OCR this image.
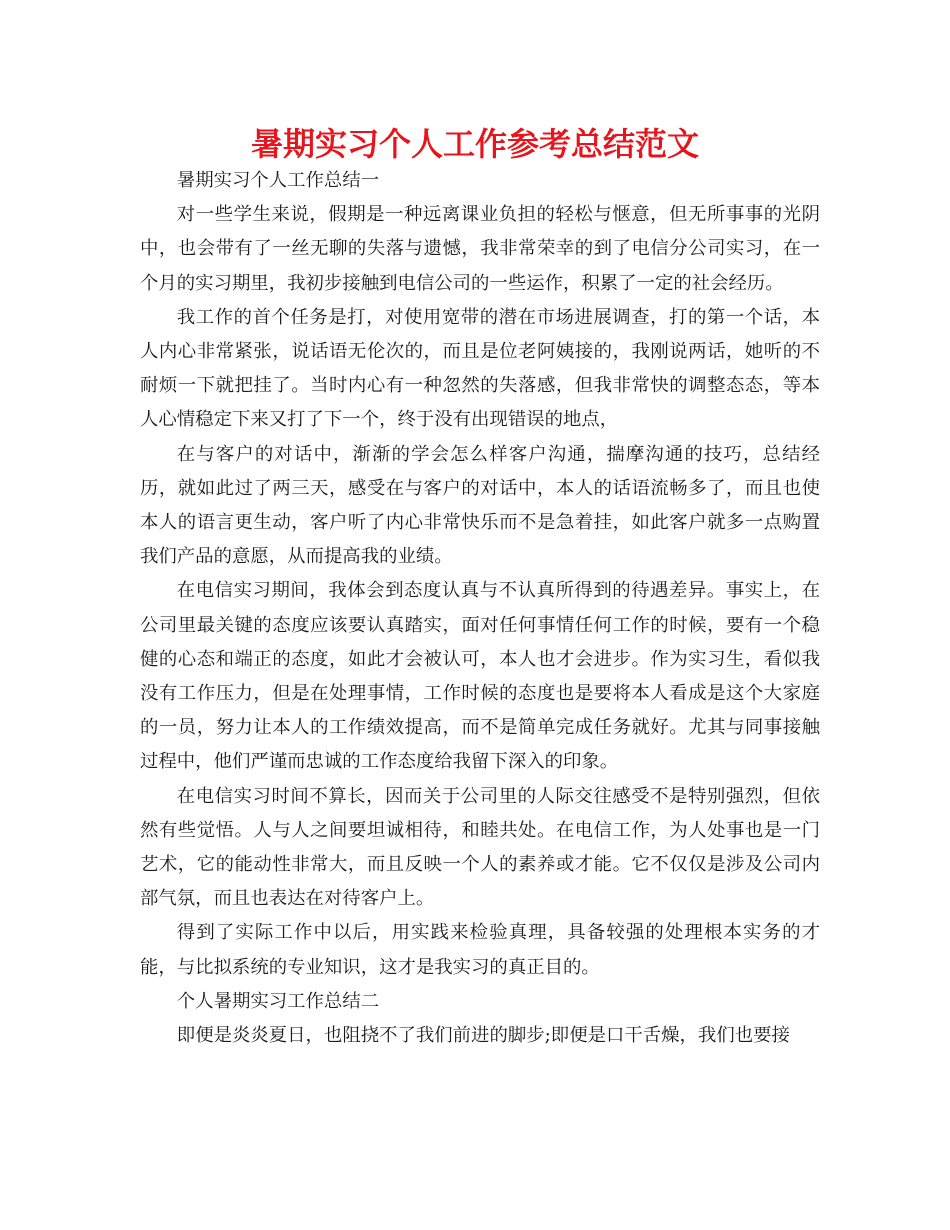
暑期实习个人工作参考总结范文

暑期实习个人工作总结一

对一些学生来说，假期是一种远离课业负担的轻松与惬意，但无所事事的光阴中，也会带有了一丝无聊的失落与遗憾，我非常荣幸的到了电信分公司实习，在一个月的实习期里，我初步接触到电信公司的一些运作，积累了一定的社会经历。

我工作的首个任务是打，对使用宽带的潜在市场进展调查，打的第一个话，本人内心非常紧张，说话语无伦次的，而且是位老阿姨接的，我刚说两话，她听的不耐烦一下就把挂了。当时内心有一种忽然的失落感，但我非常快的调整态态，等本人心情稳定下来又打了下一个，终于没有出现错误的地点，

在与客户的对话中，渐渐的学会怎么样客户沟通，揣摩沟通的技巧，总结经历，就如此过了两三天，感受在与客户的对话中，本人的话语流畅多了，而且也使本人的语言更生动，客户听了内心非常快乐而不是急着挂，如此客户就多一点购置我们产品的意愿，从而提高我的业绩。

在电信实习期间，我体会到态度认真与不认真所得到的待遇差异。事实上，在公司里最关键的态度应该要认真踏实，面对任何事情任何工作的时候，要有一个稳健的心态和端正的态度，如此才会被认可，本人也才会进步。作为实习生，看似我没有工作压力，但是在处理事情，工作时候的态度也是要将本人看成是这个大家庭的一员，努力让本人的工作绩效提高，而不是简单完成任务就好。尤其与同事接触过程中，他们严谨而忠诚的工作态度给我留下深入的印象。

在电信实习时间不算长，因而关于公司里的人际交往感受不是特别强烈，但依然有些觉悟。人与人之间要坦诚相待，和睦共处。在电信工作，为人处事也是一门艺术，它的能动性非常大，而且反映一个人的素养或才能。它不仅仅是涉及公司内部气氛，而且也表达在对待客户上。

得到了实际工作中以后，用实践来检验真理，具备较强的处理根本实务的才能，与比拟系统的专业知识，这才是我实习的真正目的。

个人暑期实习工作总结二

即便是炎炎夏日，也阻挠不了我们前进的脚步;即便是口干舌燥，我们也要接
